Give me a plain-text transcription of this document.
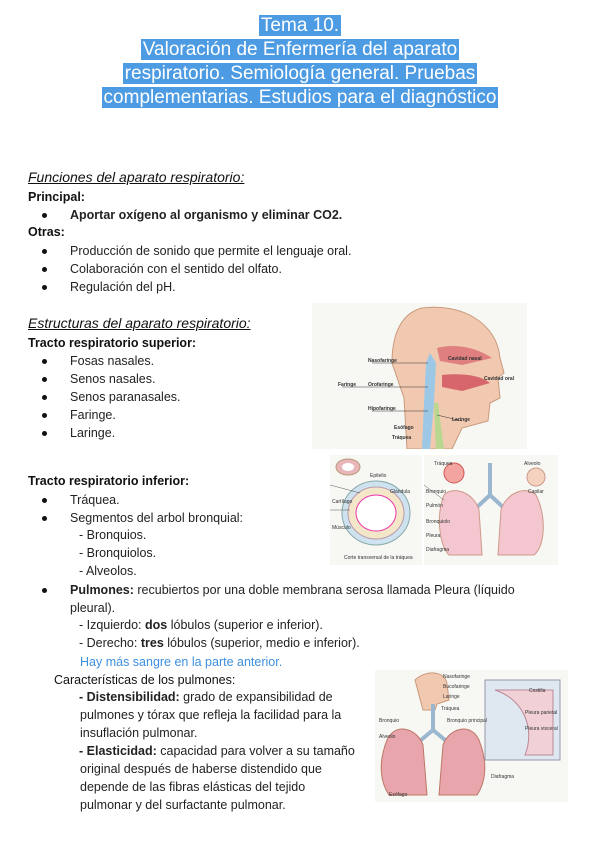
Tema 10.
Valoración de Enfermería del aparato
respiratorio. Semiología general. Pruebas
complementarias. Estudios para el diagnóstico
Funciones del aparato respiratorio:
Principal:
Aportar oxígeno al organismo y eliminar CO2.
Otras:
Producción de sonido que permite el lenguaje oral.
Colaboración con el sentido del olfato.
Regulación del pH.
Estructuras del aparato respiratorio:
Tracto respiratorio superior:
Fosas nasales.
Senos nasales.
Senos paranasales.
Faringe.
Laringe.
Tracto respiratorio inferior:
Tráquea.
Segmentos del arbol bronquial:
- Bronquios.
- Bronquiolos.
- Alveolos.
Pulmones: recubiertos por una doble membrana serosa llamada Pleura (líquido
pleural).
- Izquierdo: dos lóbulos (superior e inferior).
- Derecho: tres lóbulos (superior, medio e inferior).
Hay más sangre en la parte anterior.
Características de los pulmones:
- Distensibilidad: grado de expansibilidad de
pulmones y tórax que refleja la facilidad para la
insuflación pulmonar.
- Elasticidad: capacidad para volver a su tamaño
original después de haberse distendido que
depende de las fibras elásticas del tejido
pulmonar y del surfactante pulmonar.
Nasofaringe
Faringe Orofaringe
Hipofaringe
Esófago
Tráquea
Cavidad nasal
Cavidad oral
Laringe
Epitelio
Cartílago
Músculo
Glándula
Corte transversal de la tráquea
Tráquea
Bronquio
Pulmón
Alveolo
Bronquiolo
Pleura
Diafragma
Capilar
Nasofaringe
Bucofaringe
Laringe
Tráquea
Bronquio	Bronquio principal
Alveolo
Costilla
Pleura parietal
Pleura visceral
Diafragma
Esófago
